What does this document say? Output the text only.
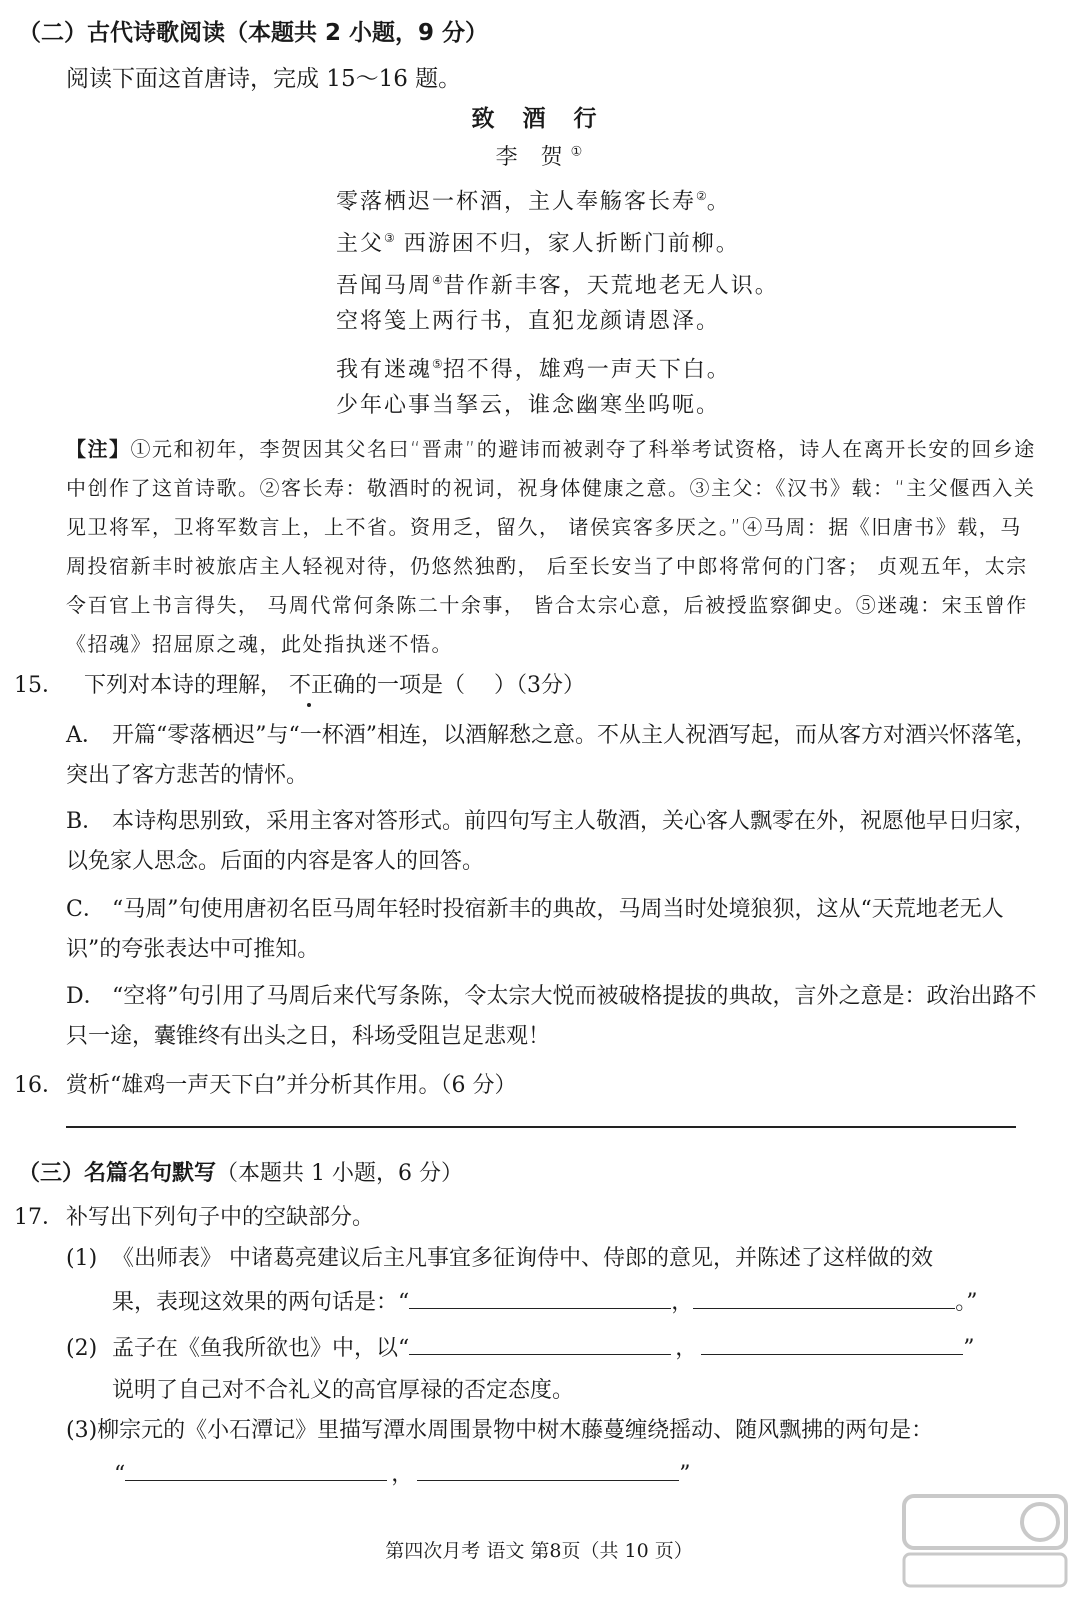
（二）古代诗歌阅读（本题共 2 小题，9 分）
阅读下面这首唐诗，完成 15～16 题。
致 酒 行
李 贺①
零落栖迟一杯酒，主人奉觞客长寿②。
主父③ 西游困不归，家人折断门前柳。
吾闻马周④昔作新丰客，天荒地老无人识。
空将笺上两行书，直犯龙颜请恩泽。
我有迷魂⑤招不得，雄鸡一声天下白。
少年心事当拏云，谁念幽寒坐呜呃。
【注】①元和初年，李贺因其父名曰“晋肃”的避讳而被剥夺了科举考试资格，诗人在离开长安的回乡途中创作了这首诗歌。②客长寿：敬酒时的祝词，祝身体健康之意。③主父：《汉书》载：“主父偃西入关见卫将军，卫将军数言上，上不省。资用乏，留久， 诸侯宾客多厌之。”④马周：据《旧唐书》载，马周投宿新丰时被旅店主人轻视对待，仍悠然独酌， 后至长安当了中郎将常何的门客； 贞观五年，太宗令百官上书言得失， 马周代常何条陈二十余事， 皆合太宗心意，后被授监察御史。⑤迷魂：宋玉曾作《招魂》招屈原之魂，此处指执迷不悟。
15． 下列对本诗的理解， 不正确的一项是（　 ）（3分）
A． 开篇“零落栖迟”与“一杯酒”相连，以酒解愁之意。不从主人祝酒写起，而从客方对酒兴怀落笔，突出了客方悲苦的情怀。
B． 本诗构思别致，采用主客对答形式。前四句写主人敬酒，关心客人飘零在外，祝愿他早日归家，以免家人思念。后面的内容是客人的回答。
C． “马周”句使用唐初名臣马周年轻时投宿新丰的典故，马周当时处境狼狈，这从“天荒地老无人识”的夸张表达中可推知。
D． “空将”句引用了马周后来代写条陈，令太宗大悦而被破格提拔的典故，言外之意是：政治出路不只一途，囊锥终有出头之日，科场受阻岂足悲观！
16．赏析“雄鸡一声天下白”并分析其作用。（6 分）
（三）名篇名句默写（本题共 1 小题，6 分）
17．补写出下列句子中的空缺部分。
(1) 《出师表》 中诸葛亮建议后主凡事宜多征询侍中、侍郎的意见，并陈述了这样做的效
果，表现这效果的两句话是：“	，	。”
(2) 孟子在《鱼我所欲也》中，以“	，	”
说明了自己对不合礼义的高官厚禄的否定态度。
(3)柳宗元的《小石潭记》里描写潭水周围景物中树木藤蔓缠绕摇动、随风飘拂的两句是：
“	，	”
第四次月考 语文 第8页（共 10 页）
